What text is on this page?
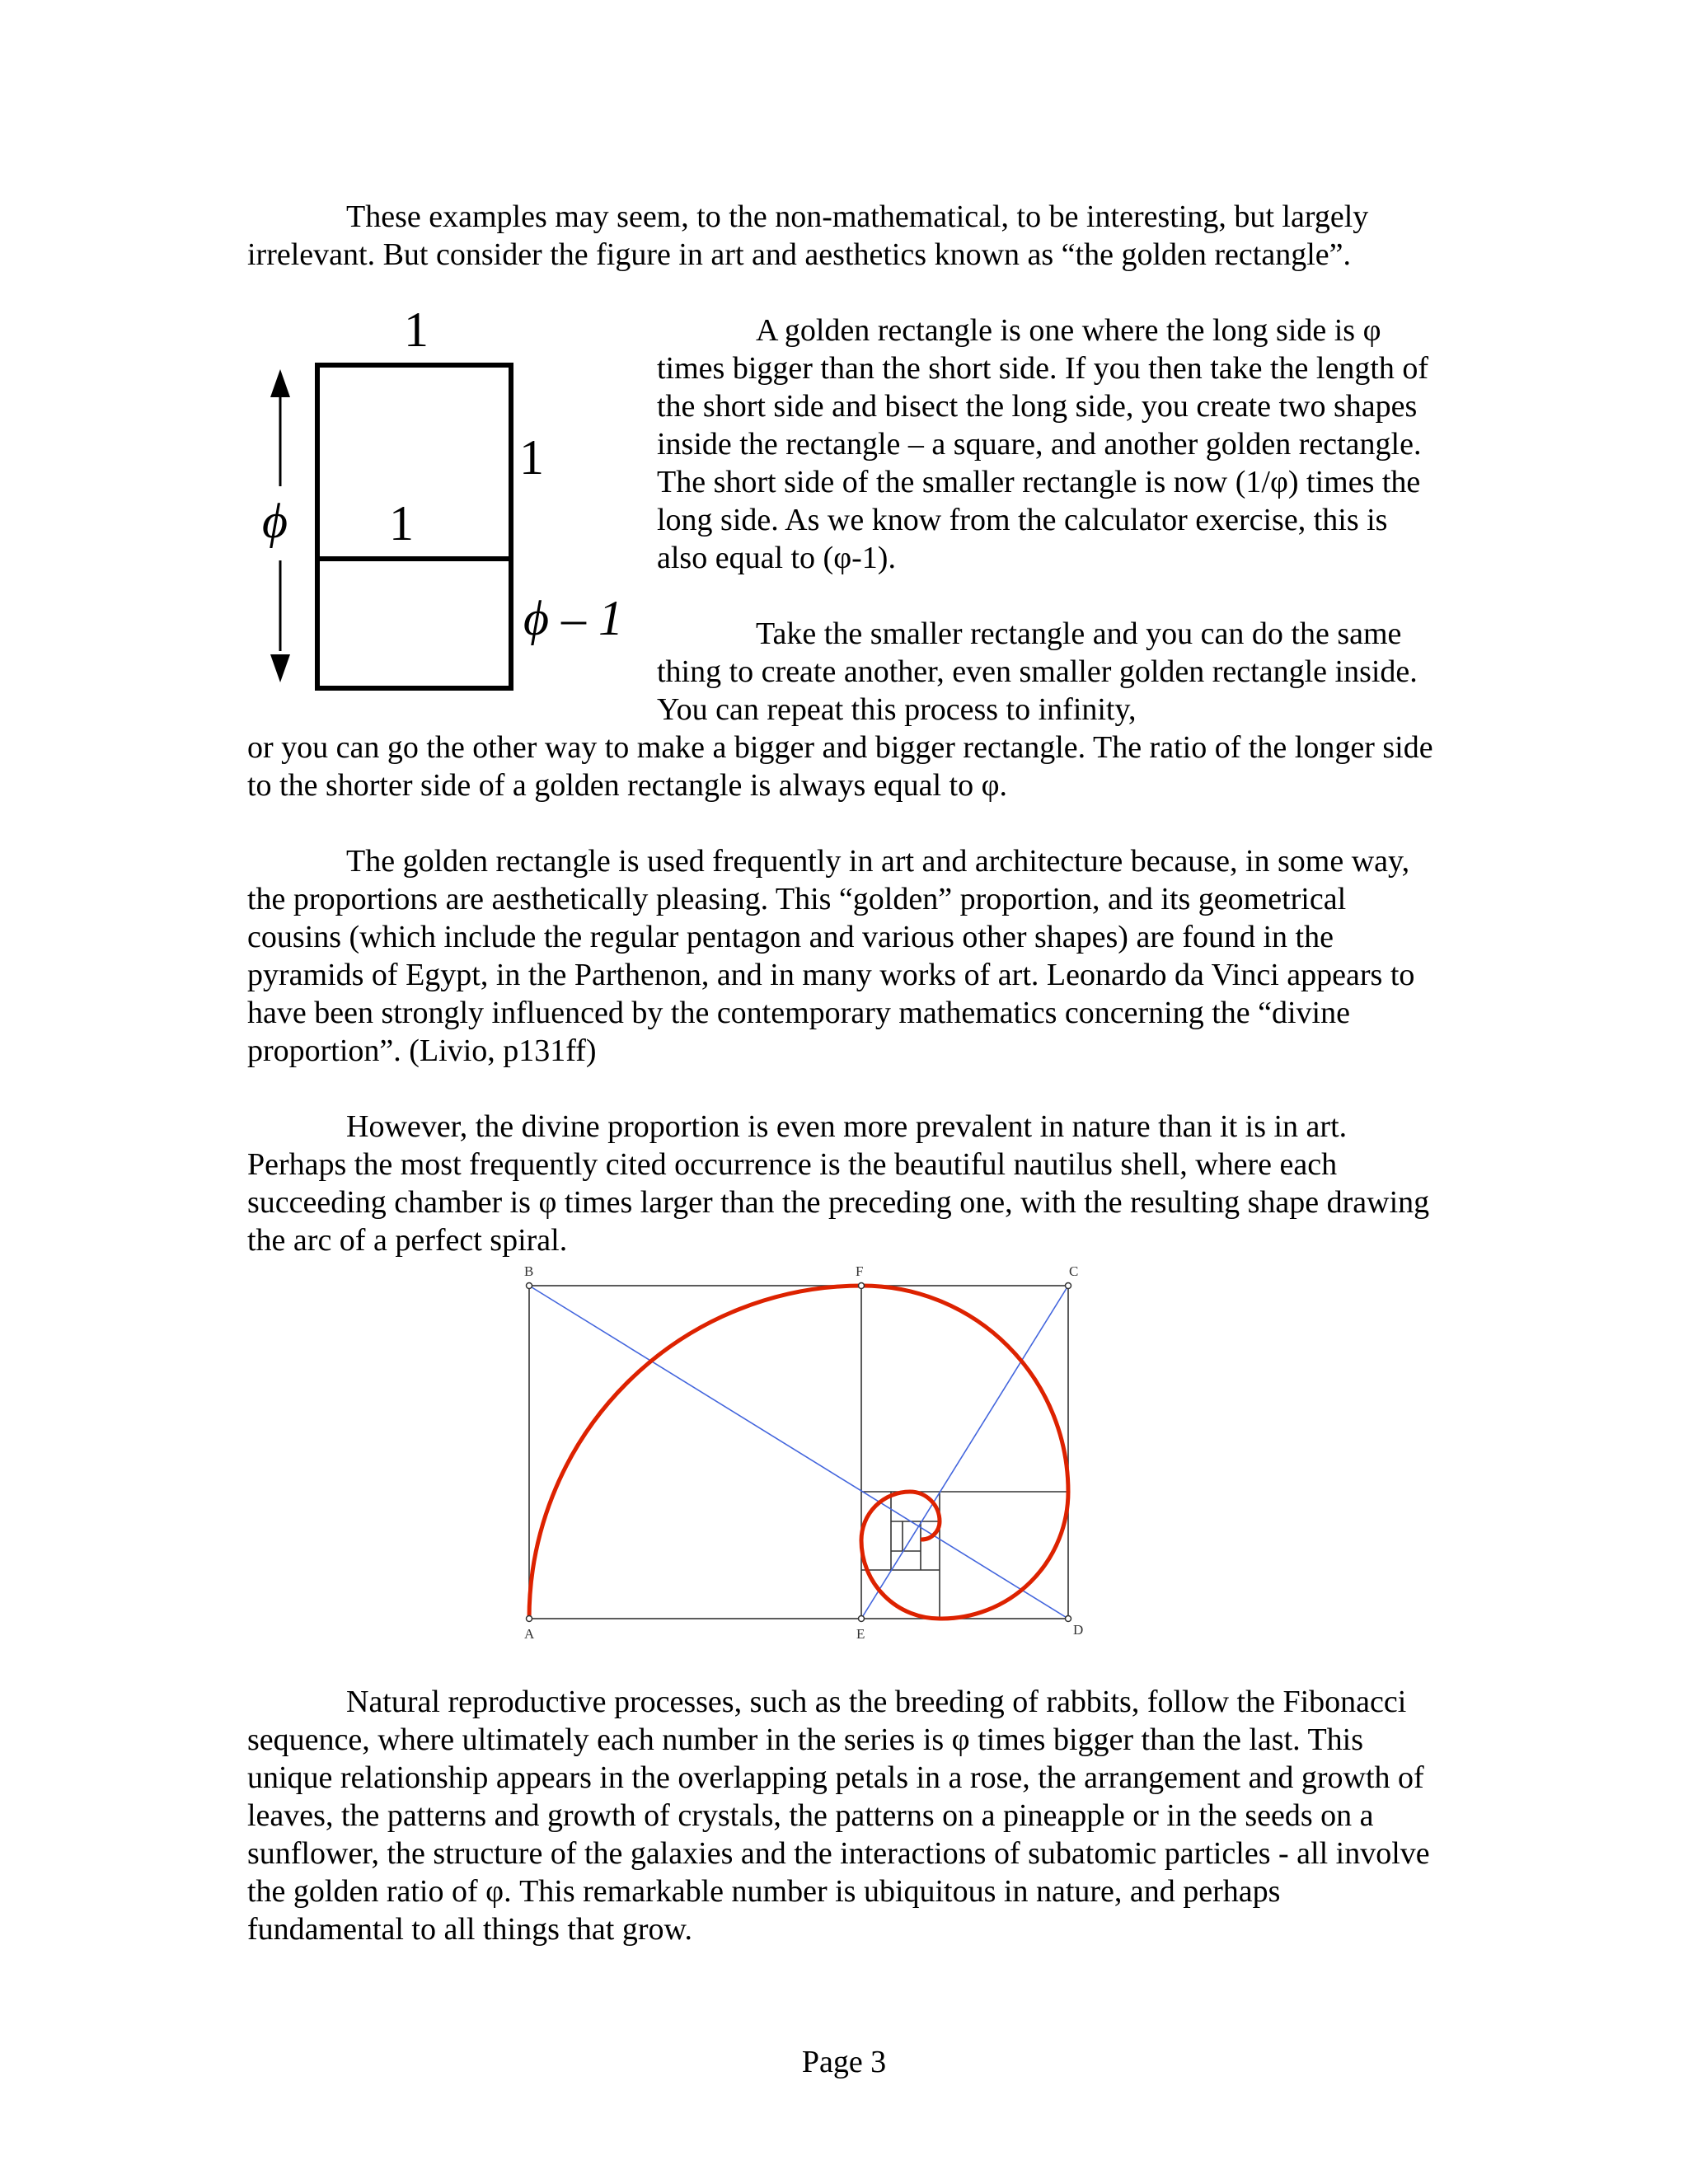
These examples may seem, to the non-mathematical, to be interesting, but largely irrelevant. But consider the figure in art and aesthetics known as “the golden rectangle”.

1
1
1
ϕ – 1
ϕ

A golden rectangle is one where the long side is φ times bigger than the short side. If you then take the length of the short side and bisect the long side, you create two shapes inside the rectangle – a square, and another golden rectangle. The short side of the smaller rectangle is now (1/φ) times the long side. As we know from the calculator exercise, this is also equal to (φ-1).

Take the smaller rectangle and you can do the same thing to create another, even smaller golden rectangle inside. You can repeat this process to infinity,

or you can go the other way to make a bigger and bigger rectangle. The ratio of the longer side to the shorter side of a golden rectangle is always equal to φ.

The golden rectangle is used frequently in art and architecture because, in some way, the proportions are aesthetically pleasing. This “golden” proportion, and its geometrical cousins (which include the regular pentagon and various other shapes) are found in the pyramids of Egypt, in the Parthenon, and in many works of art. Leonardo da Vinci appears to have been strongly influenced by the contemporary mathematics concerning the “divine proportion”. (Livio, p131ff)

However, the divine proportion is even more prevalent in nature than it is in art. Perhaps the most frequently cited occurrence is the beautiful nautilus shell, where each succeeding chamber is φ times larger than the preceding one, with the resulting shape drawing the arc of a perfect spiral.

B	F	C
A	E	D

Natural reproductive processes, such as the breeding of rabbits, follow the Fibonacci sequence, where ultimately each number in the series is φ times bigger than the last. This unique relationship appears in the overlapping petals in a rose, the arrangement and growth of leaves, the patterns and growth of crystals, the patterns on a pineapple or in the seeds on a sunflower, the structure of the galaxies and the interactions of subatomic particles - all involve the golden ratio of φ. This remarkable number is ubiquitous in nature, and perhaps fundamental to all things that grow.

Page 3
